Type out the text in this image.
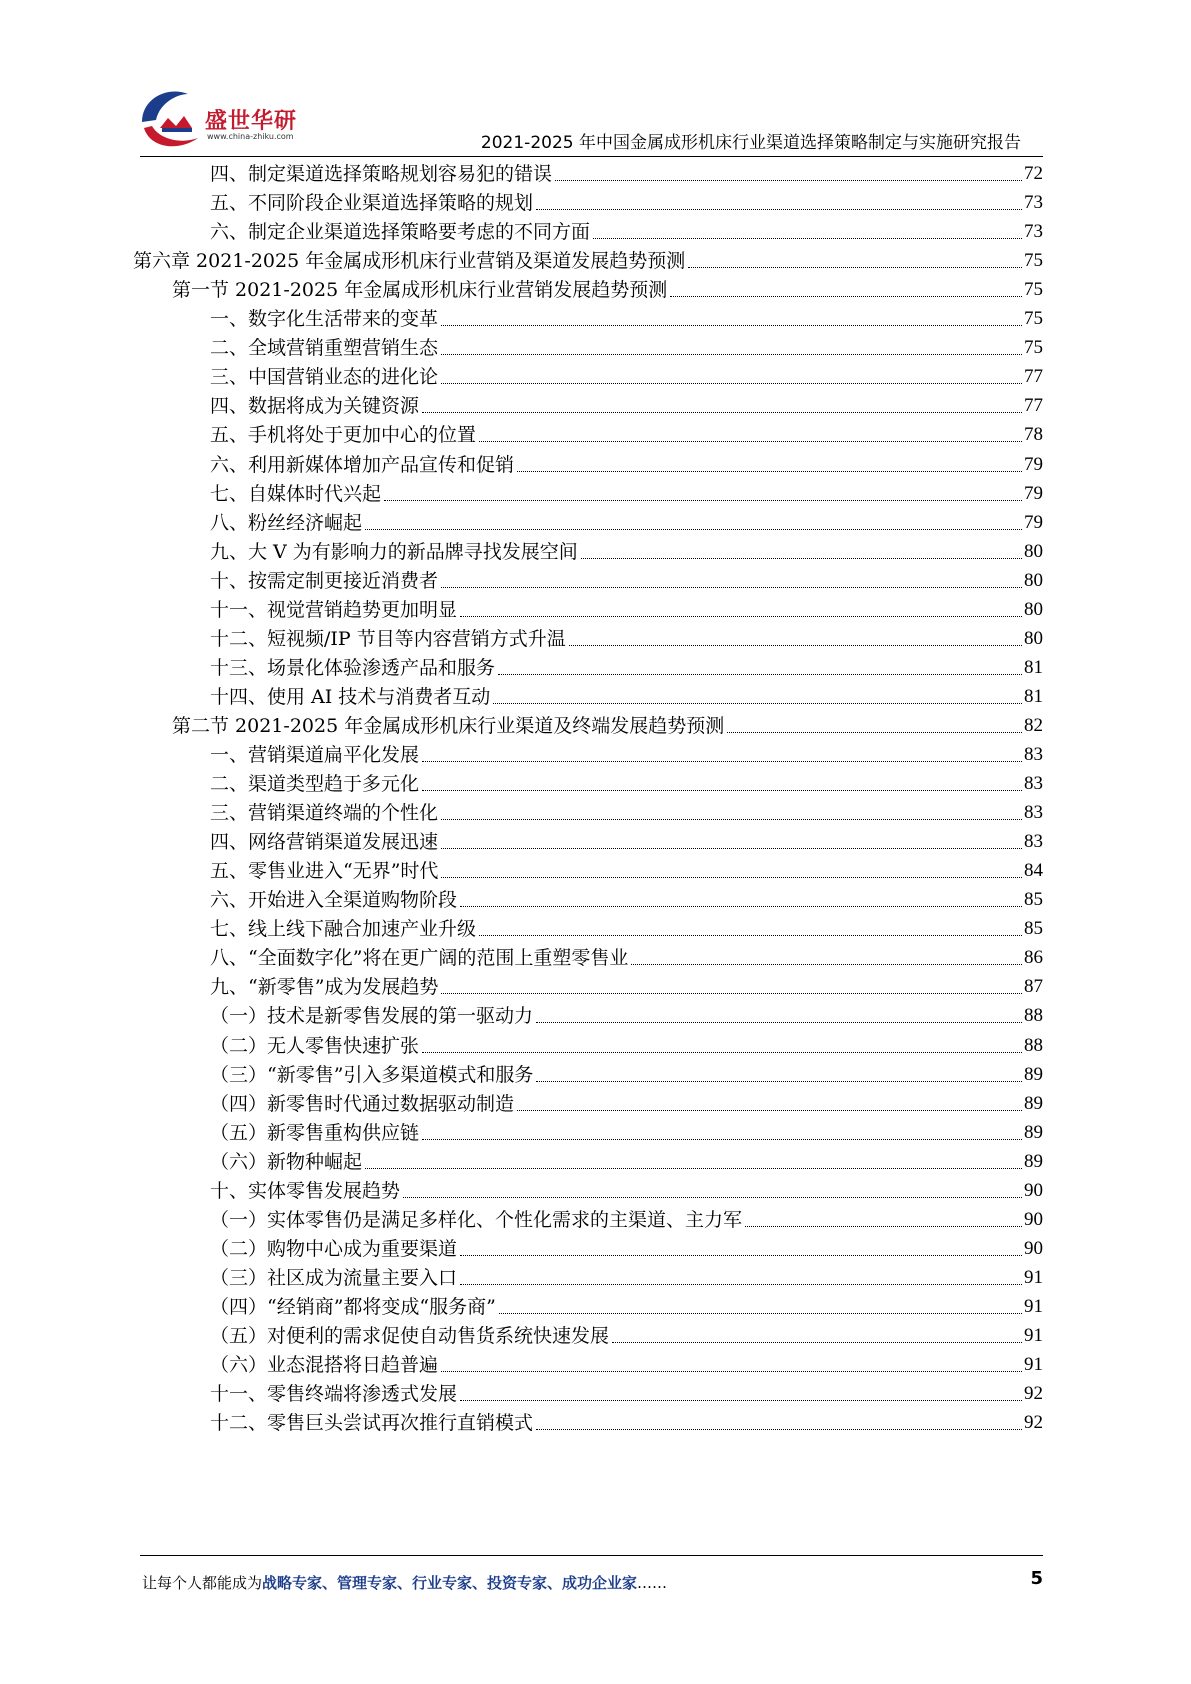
盛世华研
www.china-zhiku.com	2021-2025 年中国金属成形机床行业渠道选择策略制定与实施研究报告
四、制定渠道选择策略规划容易犯的错误	72
五、不同阶段企业渠道选择策略的规划	73
六、制定企业渠道选择策略要考虑的不同方面	73
第六章 2021-2025 年金属成形机床行业营销及渠道发展趋势预测	75
第一节 2021-2025 年金属成形机床行业营销发展趋势预测	75
一、数字化生活带来的变革	75
二、全域营销重塑营销生态	75
三、中国营销业态的进化论	77
四、数据将成为关键资源	77
五、手机将处于更加中心的位置	78
六、利用新媒体增加产品宣传和促销	79
七、自媒体时代兴起	79
八、粉丝经济崛起	79
九、大 V 为有影响力的新品牌寻找发展空间	80
十、按需定制更接近消费者	80
十一、视觉营销趋势更加明显	80
十二、短视频/IP 节目等内容营销方式升温	80
十三、场景化体验渗透产品和服务	81
十四、使用 AI 技术与消费者互动	81
第二节 2021-2025 年金属成形机床行业渠道及终端发展趋势预测	82
一、营销渠道扁平化发展	83
二、渠道类型趋于多元化	83
三、营销渠道终端的个性化	83
四、网络营销渠道发展迅速	83
五、零售业进入“无界”时代	84
六、开始进入全渠道购物阶段	85
七、线上线下融合加速产业升级	85
八、“全面数字化”将在更广阔的范围上重塑零售业	86
九、“新零售”成为发展趋势	87
（一）技术是新零售发展的第一驱动力	88
（二）无人零售快速扩张	88
（三）“新零售”引入多渠道模式和服务	89
（四）新零售时代通过数据驱动制造	89
（五）新零售重构供应链	89
（六）新物种崛起	89
十、实体零售发展趋势	90
（一）实体零售仍是满足多样化、个性化需求的主渠道、主力军	90
（二）购物中心成为重要渠道	90
（三）社区成为流量主要入口	91
（四）“经销商”都将变成“服务商”	91
（五）对便利的需求促使自动售货系统快速发展	91
（六）业态混搭将日趋普遍	91
十一、零售终端将渗透式发展	92
十二、零售巨头尝试再次推行直销模式	92
让每个人都能成为战略专家、管理专家、行业专家、投资专家、成功企业家……	5
